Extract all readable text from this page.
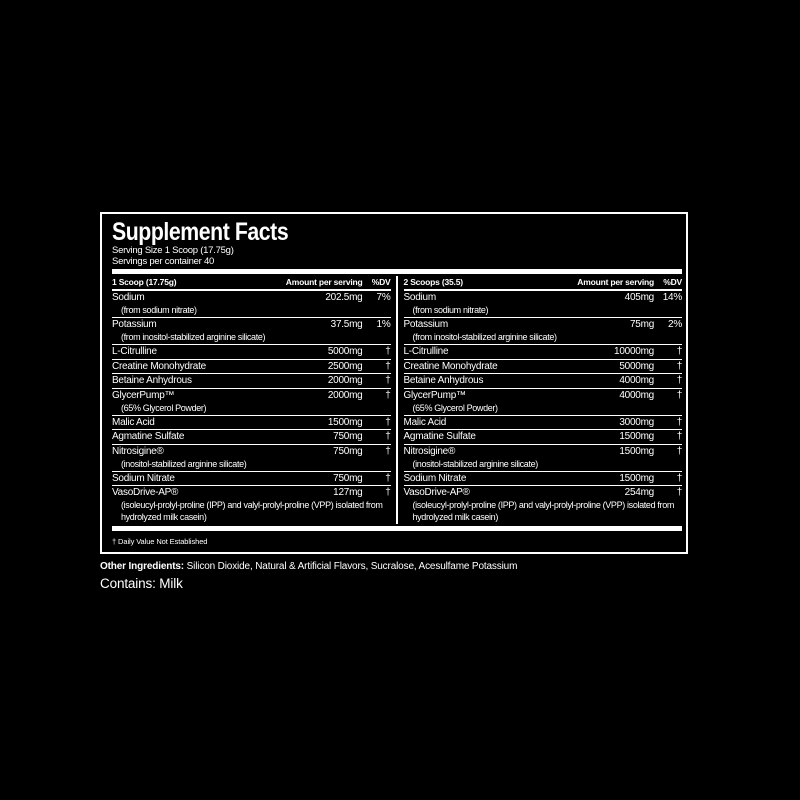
Supplement Facts
Serving Size 1 Scoop (17.75g)
Servings per container 40
1 Scoop (17.75g)	Amount per serving	%DV
Sodium	202.5mg	7%
(from sodium nitrate)
Potassium	37.5mg	1%
(from inositol-stabilized arginine silicate)
L-Citrulline	5000mg	†
Creatine Monohydrate	2500mg	†
Betaine Anhydrous	2000mg	†
GlycerPump™	2000mg	†
(65% Glycerol Powder)
Malic Acid	1500mg	†
Agmatine Sulfate	750mg	†
Nitrosigine®	750mg	†
(inositol-stabilized arginine silicate)
Sodium Nitrate	750mg	†
VasoDrive-AP®	127mg	†
(isoleucyl-prolyl-proline (IPP) and valyl-prolyl-proline (VPP) isolated from hydrolyzed milk casein)
2 Scoops (35.5)	Amount per serving	%DV
Sodium	405mg 14%
(from sodium nitrate)
Potassium	75mg	2%
(from inositol-stabilized arginine silicate)
L-Citrulline	10000mg	†
Creatine Monohydrate	5000mg	†
Betaine Anhydrous	4000mg	†
GlycerPump™	4000mg	†
(65% Glycerol Powder)
Malic Acid	3000mg	†
Agmatine Sulfate	1500mg	†
Nitrosigine®	1500mg	†
(inositol-stabilized arginine silicate)
Sodium Nitrate	1500mg	†
VasoDrive-AP®	254mg	†
(isoleucyl-prolyl-proline (IPP) and valyl-prolyl-proline (VPP) isolated from hydrolyzed milk casein)
† Daily Value Not Established
Other Ingredients: Silicon Dioxide, Natural & Artificial Flavors, Sucralose, Acesulfame Potassium
Contains: Milk
